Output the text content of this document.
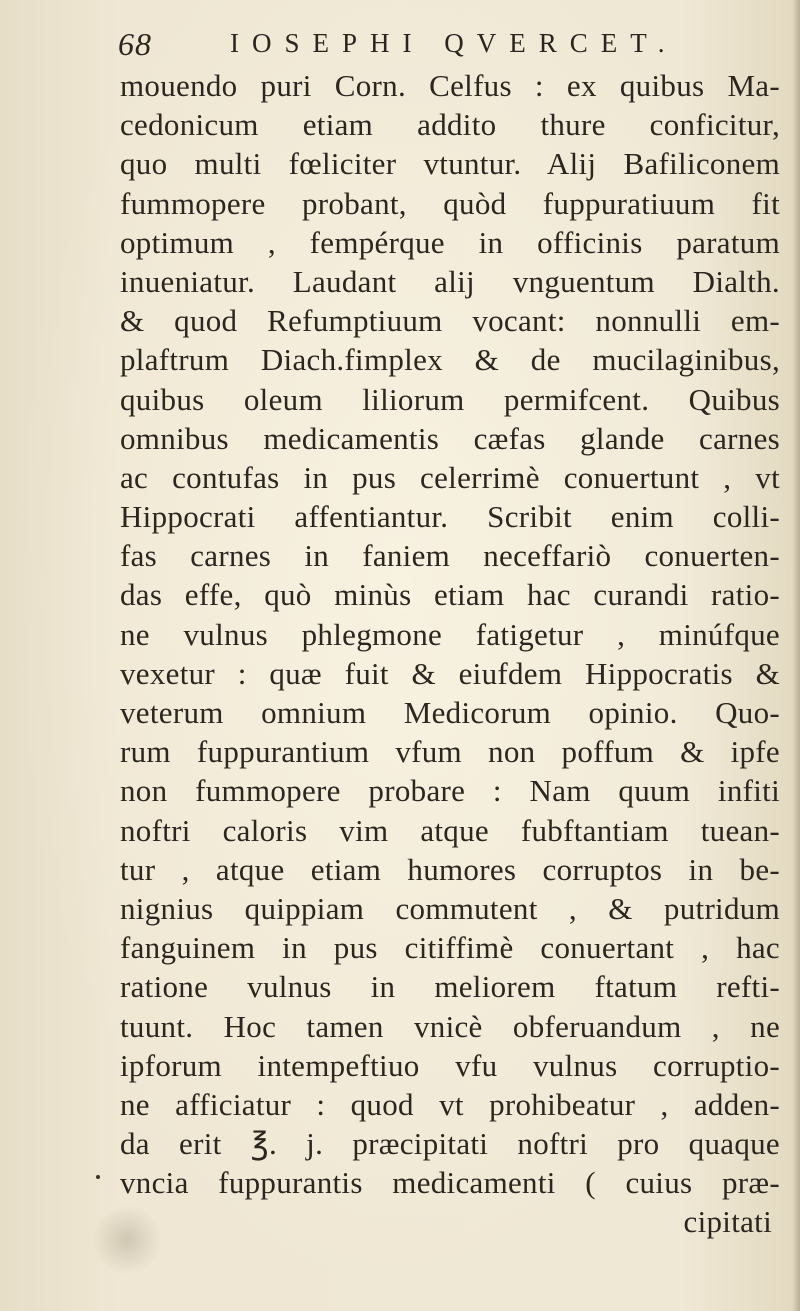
68	IOSEPHI QVERCET.
mouendo puri Corn. Celfus : ex quibus Ma-
cedonicum etiam addito thure conficitur,
quo multi fœliciter vtuntur. Alij Bafiliconem
fummopere probant, quòd fuppuratiuum fit
optimum , fempérque in officinis paratum
inueniatur. Laudant alij vnguentum Dialth.
& quod Refumptiuum vocant: nonnulli em-
plaftrum Diach.fimplex & de mucilaginibus,
quibus oleum liliorum permifcent. Quibus
omnibus medicamentis cæfas glande carnes
ac contufas in pus celerrimè conuertunt , vt
Hippocrati affentiantur. Scribit enim colli-
fas carnes in faniem neceffariò conuerten-
das effe, quò minùs etiam hac curandi ratio-
ne vulnus phlegmone fatigetur , minúfque
vexetur : quæ fuit & eiufdem Hippocratis &
veterum omnium Medicorum opinio. Quo-
rum fuppurantium vfum non poffum & ipfe
non fummopere probare : Nam quum infiti
noftri caloris vim atque fubftantiam tuean-
tur , atque etiam humores corruptos in be-
nignius quippiam commutent , & putridum
fanguinem in pus citiffimè conuertant , hac
ratione vulnus in meliorem ftatum refti-
tuunt. Hoc tamen vnicè obferuandum , ne
ipforum intempeftiuo vfu vulnus corruptio-
ne afficiatur : quod vt prohibeatur , adden-
da erit ℥. j. præcipitati noftri pro quaque
vncia fuppurantis medicamenti ( cuius præ-
cipitati
